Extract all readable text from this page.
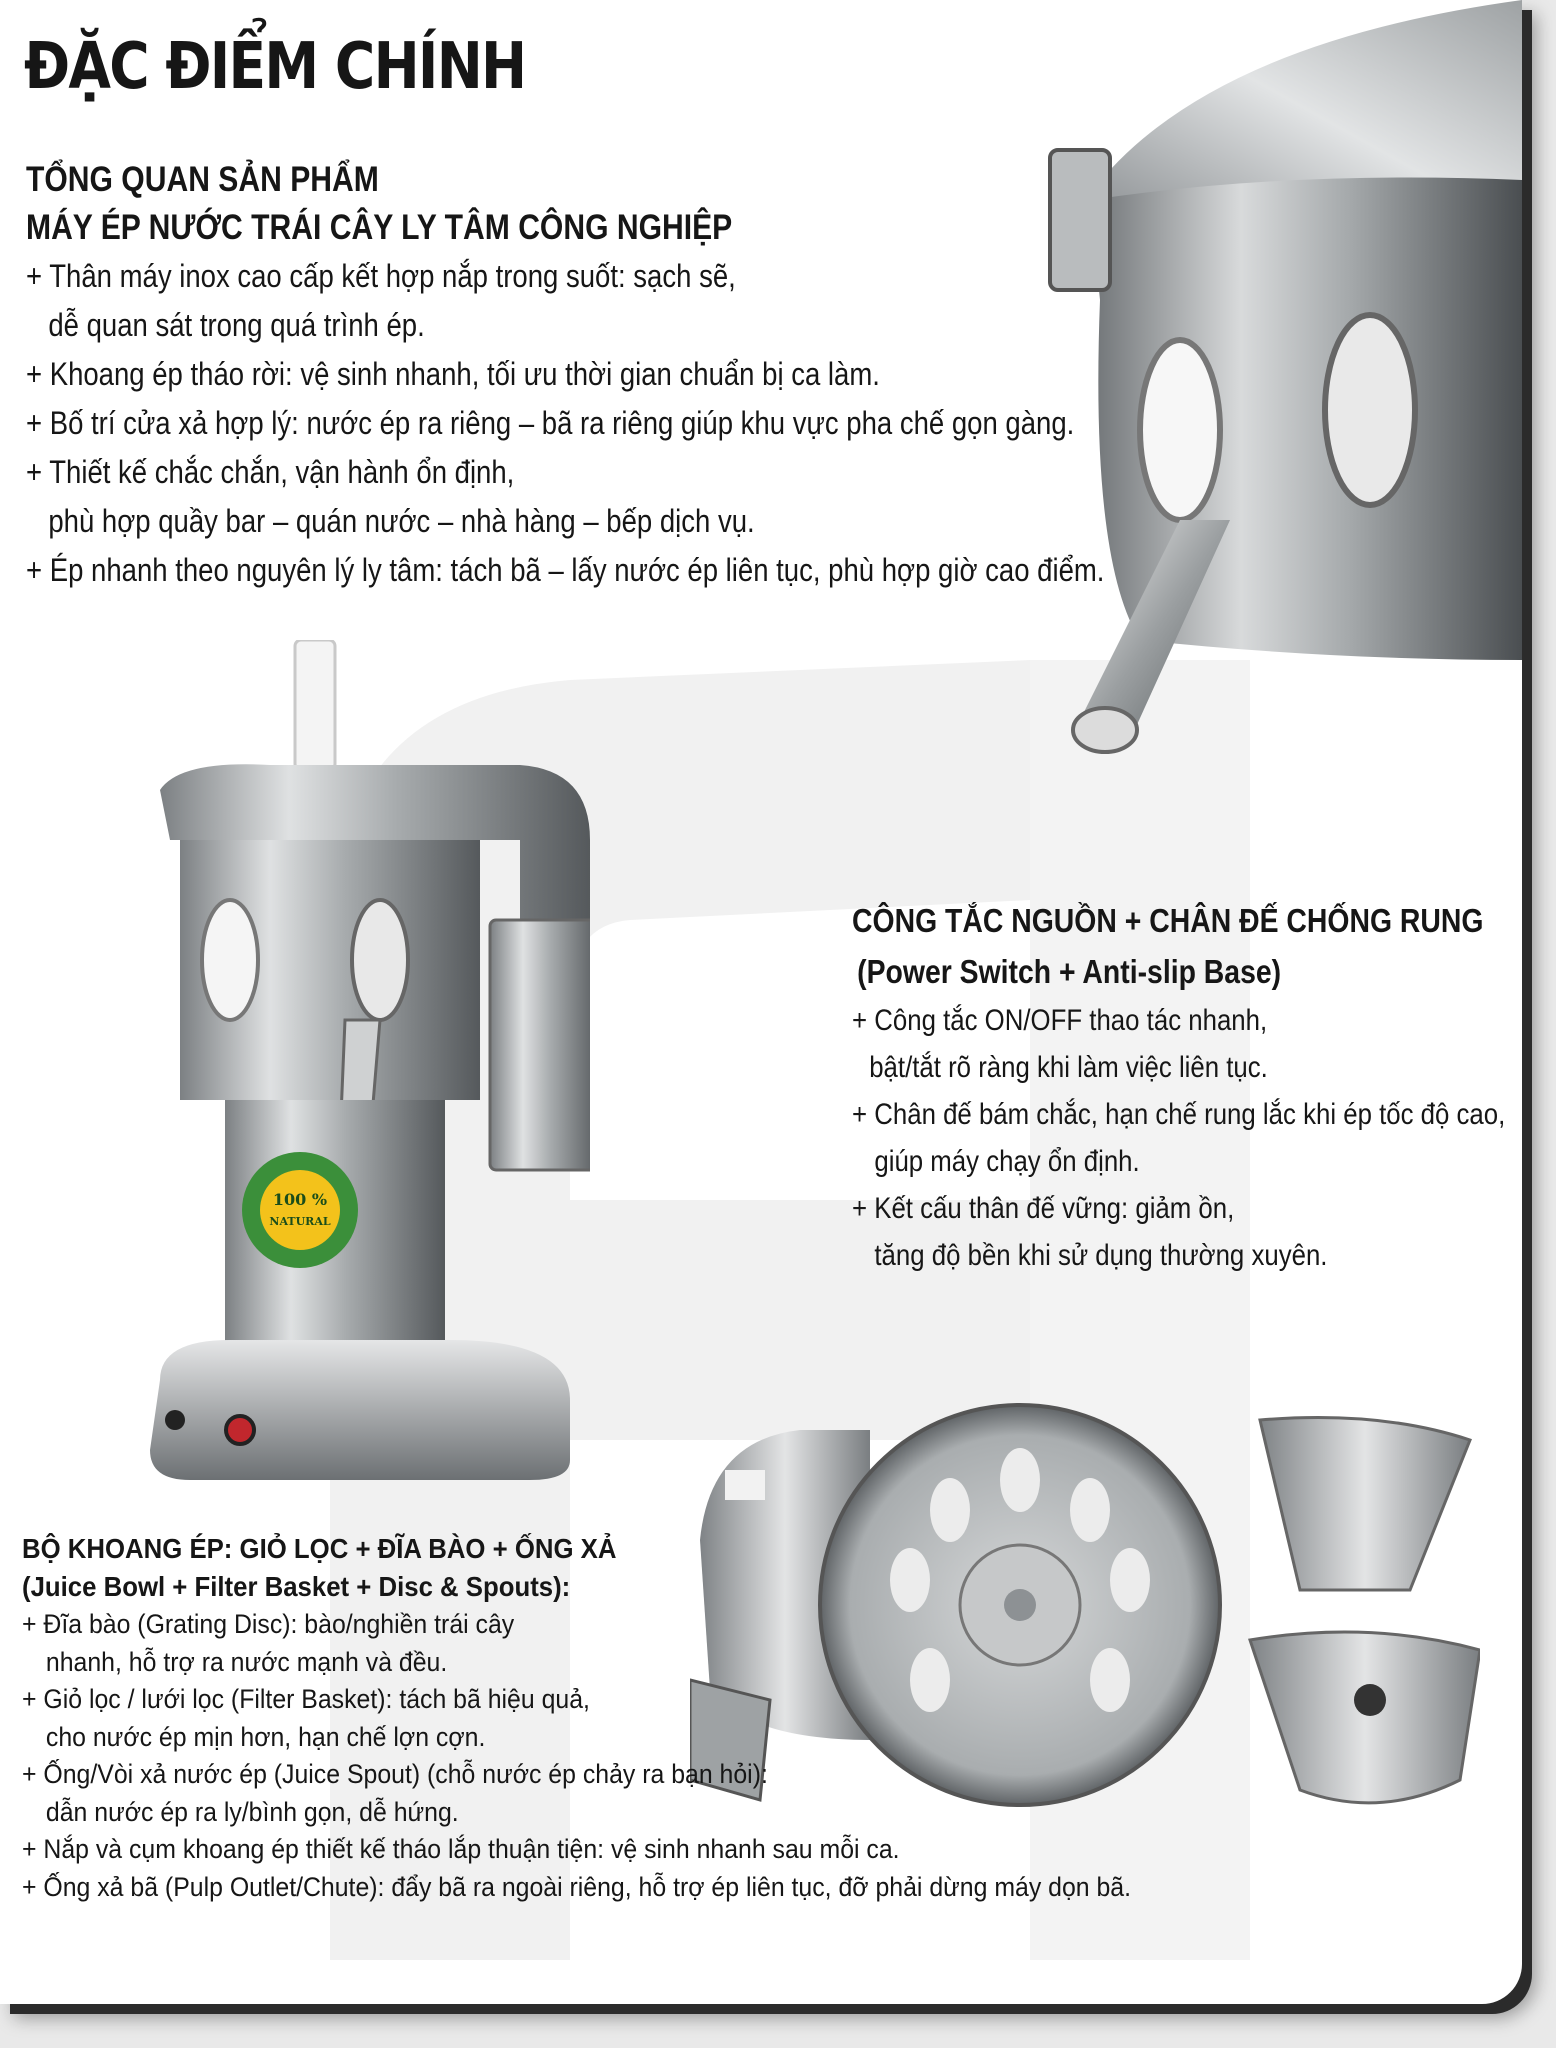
100 %
NATURAL
ĐẶC ĐIỂM CHÍNH
TỔNG QUAN SẢN PHẨM
MÁY ÉP NƯỚC TRÁI CÂY LY TÂM CÔNG NGHIỆP
+ Thân máy inox cao cấp kết hợp nắp trong suốt: sạch sẽ,
dễ quan sát trong quá trình ép.
+ Khoang ép tháo rời: vệ sinh nhanh, tối ưu thời gian chuẩn bị ca làm.
+ Bố trí cửa xả hợp lý: nước ép ra riêng – bã ra riêng giúp khu vực pha chế gọn gàng.
+ Thiết kế chắc chắn, vận hành ổn định,
phù hợp quầy bar – quán nước – nhà hàng – bếp dịch vụ.
+ Ép nhanh theo nguyên lý ly tâm: tách bã – lấy nước ép liên tục, phù hợp giờ cao điểm.
CÔNG TẮC NGUỒN + CHÂN ĐẾ CHỐNG RUNG
(Power Switch + Anti-slip Base)
+ Công tắc ON/OFF thao tác nhanh,
bật/tắt rõ ràng khi làm việc liên tục.
+ Chân đế bám chắc, hạn chế rung lắc khi ép tốc độ cao,
giúp máy chạy ổn định.
+ Kết cấu thân đế vững: giảm ồn,
tăng độ bền khi sử dụng thường xuyên.
BỘ KHOANG ÉP: GIỎ LỌC + ĐĨA BÀO + ỐNG XẢ
(Juice Bowl + Filter Basket + Disc & Spouts):
+ Đĩa bào (Grating Disc): bào/nghiền trái cây
nhanh, hỗ trợ ra nước mạnh và đều.
+ Giỏ lọc / lưới lọc (Filter Basket): tách bã hiệu quả,
cho nước ép mịn hơn, hạn chế lợn cợn.
+ Ống/Vòi xả nước ép (Juice Spout) (chỗ nước ép chảy ra bạn hỏi):
dẫn nước ép ra ly/bình gọn, dễ hứng.
+ Nắp và cụm khoang ép thiết kế tháo lắp thuận tiện: vệ sinh nhanh sau mỗi ca.
+ Ống xả bã (Pulp Outlet/Chute): đẩy bã ra ngoài riêng, hỗ trợ ép liên tục, đỡ phải dừng máy dọn bã.
